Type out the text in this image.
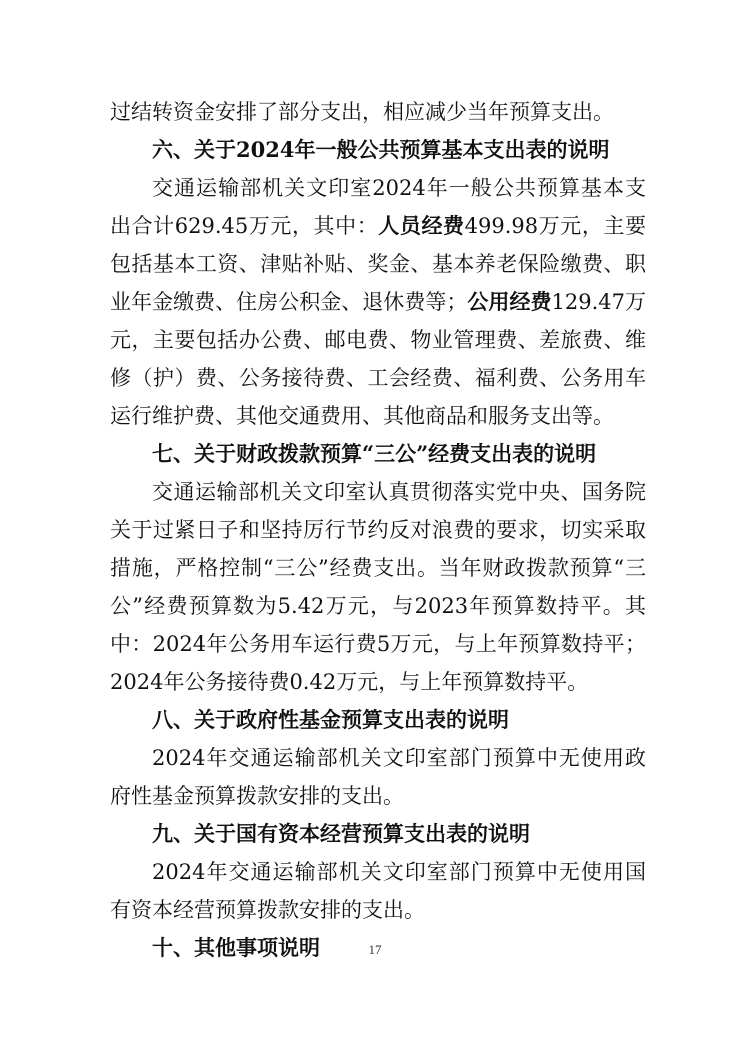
过结转资金安排了部分支出，相应减少当年预算支出。

六、关于2024年一般公共预算基本支出表的说明

交通运输部机关文印室2024年一般公共预算基本支出合计629.45万元，其中：人员经费499.98万元，主要包括基本工资、津贴补贴、奖金、基本养老保险缴费、职业年金缴费、住房公积金、退休费等；公用经费129.47万元，主要包括办公费、邮电费、物业管理费、差旅费、维修（护）费、公务接待费、工会经费、福利费、公务用车运行维护费、其他交通费用、其他商品和服务支出等。

七、关于财政拨款预算“三公”经费支出表的说明

交通运输部机关文印室认真贯彻落实党中央、国务院关于过紧日子和坚持厉行节约反对浪费的要求，切实采取措施，严格控制“三公”经费支出。当年财政拨款预算“三公”经费预算数为5.42万元，与2023年预算数持平。其中：2024年公务用车运行费5万元，与上年预算数持平；2024年公务接待费0.42万元，与上年预算数持平。

八、关于政府性基金预算支出表的说明

2024年交通运输部机关文印室部门预算中无使用政府性基金预算拨款安排的支出。

九、关于国有资本经营预算支出表的说明

2024年交通运输部机关文印室部门预算中无使用国有资本经营预算拨款安排的支出。

十、其他事项说明	17
